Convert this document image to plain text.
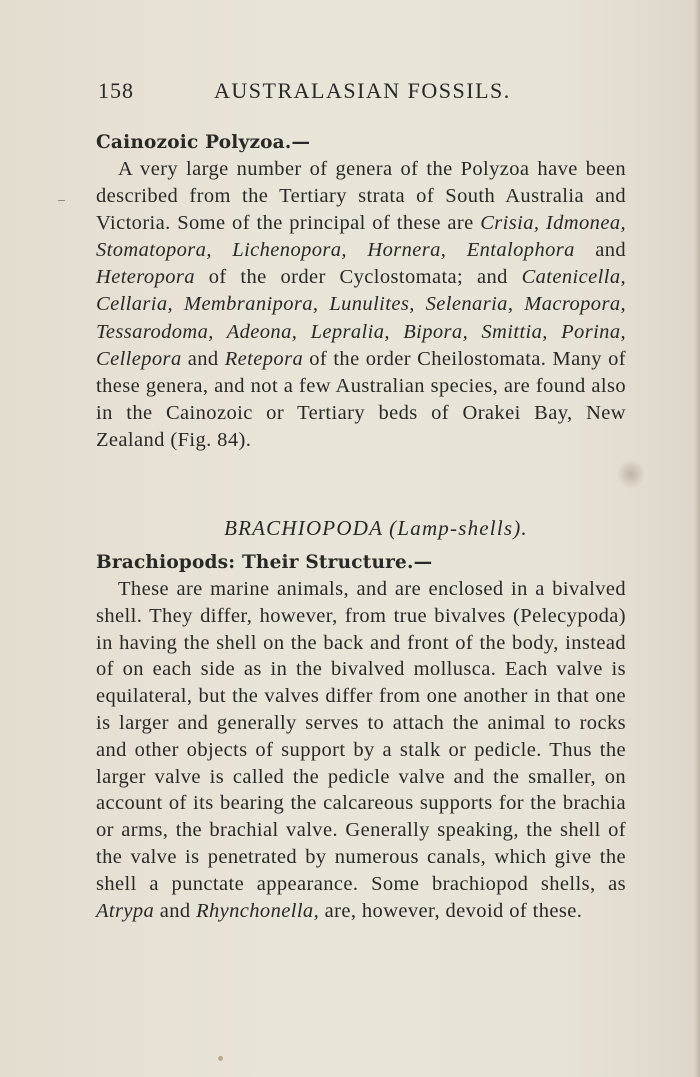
158	AUSTRALASIAN FOSSILS.
Cainozoic Polyzoa.—

A very large number of genera of the Polyzoa have been described from the Tertiary strata of South Australia and Victoria. Some of the principal of these are Crisia, Idmonea, Stomatopora, Lichenopora, Hornera, Entalophora and Heteropora of the order Cyclostomata; and Catenicella, Cellaria, Membranipora, Lunulites, Selenaria, Macropora, Tessarodoma, Adeona, Lepralia, Bipora, Smittia, Porina, Cellepora and Retepora of the order Cheilostomata. Many of these genera, and not a few Australian species, are found also in the Cainozoic or Tertiary beds of Orakei Bay, New Zealand (Fig. 84).

BRACHIOPODA (Lamp-shells).

Brachiopods: Their Structure.—

These are marine animals, and are enclosed in a bivalved shell. They differ, however, from true bivalves (Pelecypoda) in having the shell on the back and front of the body, instead of on each side as in the bivalved mollusca. Each valve is equilateral, but the valves differ from one another in that one is larger and generally serves to attach the animal to rocks and other objects of support by a stalk or pedicle. Thus the larger valve is called the pedicle valve and the smaller, on account of its bearing the calcareous supports for the brachia or arms, the brachial valve. Generally speaking, the shell of the valve is penetrated by numerous canals, which give the shell a punctate appearance. Some brachiopod shells, as Atrypa and Rhynchonella, are, however, devoid of these.
